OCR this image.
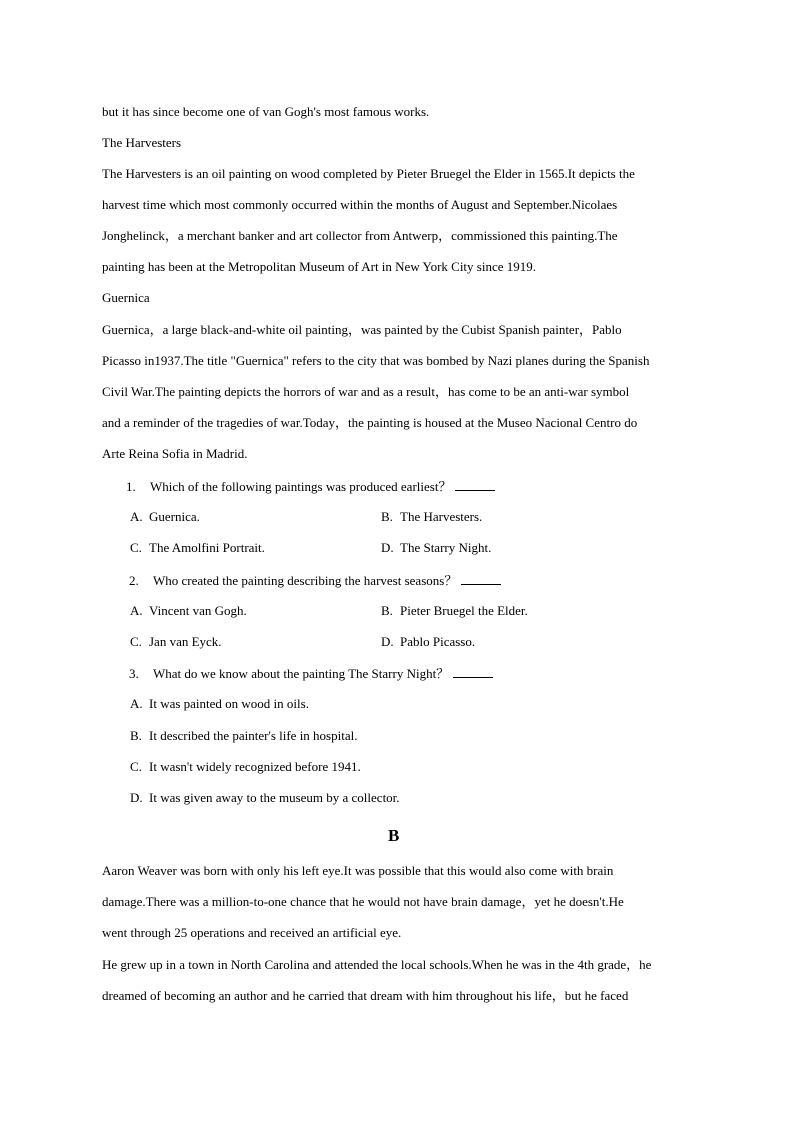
but it has since become one of van Gogh's most famous works.
The Harvesters
The Harvesters is an oil painting on wood completed by Pieter Bruegel the Elder in 1565.It depicts the
harvest time which most commonly occurred within the months of August and September.Nicolaes
Jonghelinck，a merchant banker and art collector from Antwerp，commissioned this painting.The
painting has been at the Metropolitan Museum of Art in New York City since 1919.
Guernica
Guernica，a large black-and-white oil painting，was painted by the Cubist Spanish painter，Pablo
Picasso in1937.The title "Guernica" refers to the city that was bombed by Nazi planes during the Spanish
Civil War.The painting depicts the horrors of war and as a result，has come to be an anti-war symbol
and a reminder of the tragedies of war.Today，the painting is housed at the Museo Nacional Centro do
Arte Reina Sofia in Madrid.
1. Which of the following paintings was produced earliest？
A. Guernica.	B. The Harvesters.
C. The Amolfini Portrait.	D. The Starry Night.
2. Who created the painting describing the harvest seasons？
A. Vincent van Gogh.	B. Pieter Bruegel the Elder.
C. Jan van Eyck.	D. Pablo Picasso.
3. What do we know about the painting The Starry Night？
A. It was painted on wood in oils.
B. It described the painter's life in hospital.
C. It wasn't widely recognized before 1941.
D. It was given away to the museum by a collector.
B
Aaron Weaver was born with only his left eye.It was possible that this would also come with brain
damage.There was a million-to-one chance that he would not have brain damage，yet he doesn't.He
went through 25 operations and received an artificial eye.
He grew up in a town in North Carolina and attended the local schools.When he was in the 4th grade，he
dreamed of becoming an author and he carried that dream with him throughout his life，but he faced
